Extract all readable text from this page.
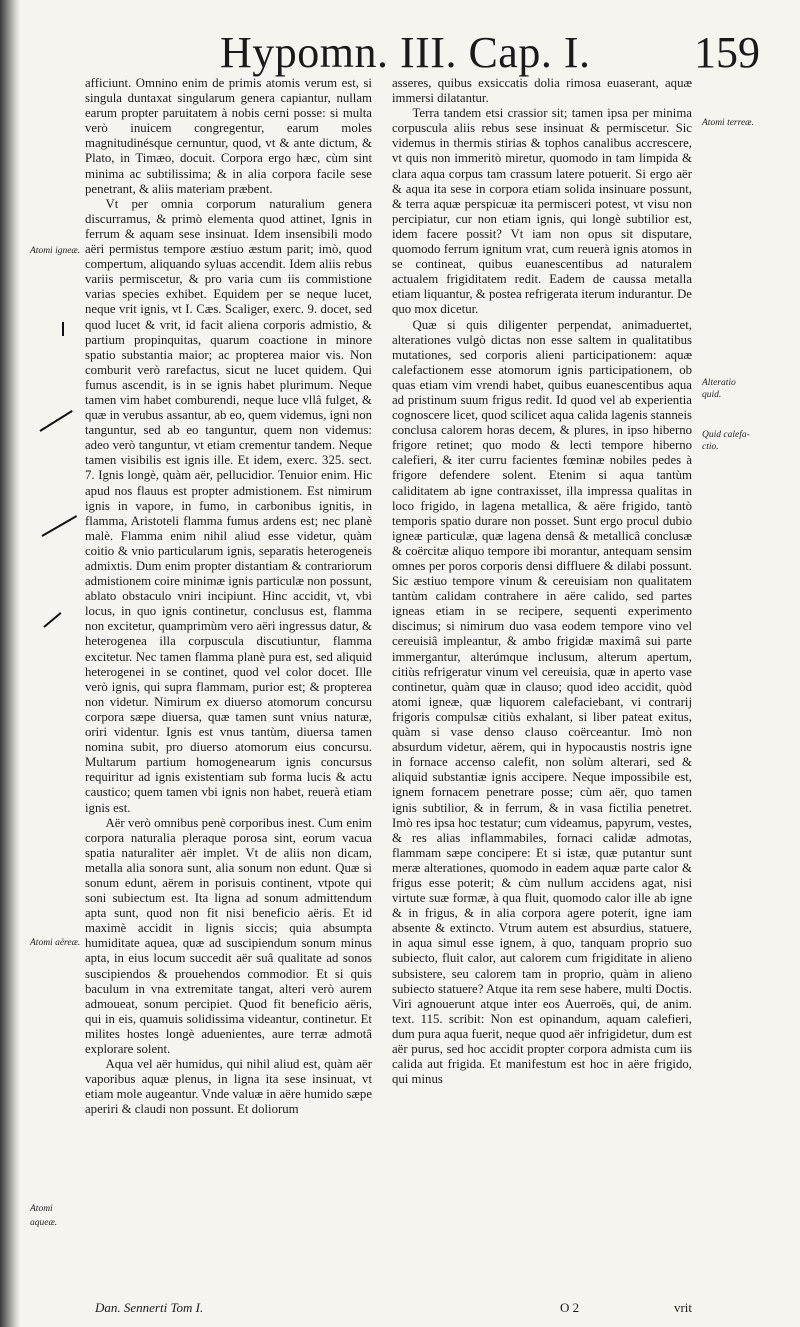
Hypomn. III. Cap. I. 159

afficiunt. Omnino enim de primis atomis verum est, si singula duntaxat singularum genera capiantur, nullam earum propter paruitatem à nobis cerni posse: si multa verò inuicem congregentur, earum moles magnitudinésque cernuntur, quod, vt & ante dictum, & Plato, in Timæo, docuit. Corpora ergo hæc, cùm sint minima ac subtilissima; & in alia corpora facile sese penetrant, & aliis materiam præbent.

Vt per omnia corporum naturalium genera discurramus, & primò elementa quod attinet, Ignis in ferrum & aquam sese insinuat. Idem insensibili modo aëri permistus tempore æstiuo æstum parit; imò, quod compertum, aliquando syluas accendit. Idem aliis rebus variis permiscetur, & pro varia cum iis commistione varias species exhibet. Equidem per se neque lucet, neque vrit ignis, vt I. Cæs. Scaliger, exerc. 9. docet, sed quod lucet & vrit, id facit aliena corporis admistio, & partium propinquitas, quarum coactione in minore spatio substantia maior; ac propterea maior vis. Non comburit verò rarefactus, sicut ne lucet quidem. Qui fumus ascendit, is in se ignis habet plurimum. Neque tamen vim habet comburendi, neque luce vllâ fulget, & quæ in verubus assantur, ab eo, quem videmus, igni non tanguntur, sed ab eo tanguntur, quem non videmus: adeo verò tanguntur, vt etiam crementur tandem. Neque tamen visibilis est ignis ille. Et idem, exerc. 325. sect. 7. Ignis longè, quàm aër, pellucidior. Tenuior enim. Hic apud nos flauus est propter admistionem. Est nimirum ignis in vapore, in fumo, in carbonibus ignitis, in flamma, Aristoteli flamma fumus ardens est; nec planè malè. Flamma enim nihil aliud esse videtur, quàm coitio & vnio particularum ignis, separatis heterogeneis admixtis. Dum enim propter distantiam & contrariorum admistionem coire minimæ ignis particulæ non possunt, ablato obstaculo vniri incipiunt. Hinc accidit, vt, vbi locus, in quo ignis continetur, conclusus est, flamma non excitetur, quamprimùm vero aëri ingressus datur, & heterogenea illa corpuscula discutiuntur, flamma excitetur. Nec tamen flamma planè pura est, sed aliquid heterogenei in se continet, quod vel color docet. Ille verò ignis, qui supra flammam, purior est; & propterea non videtur. Nimirum ex diuerso atomorum concursu corpora sæpe diuersa, quæ tamen sunt vnius naturæ, oriri videntur. Ignis est vnus tantùm, diuersa tamen nomina subit, pro diuerso atomorum eius concursu. Multarum partium homogenearum ignis concursus requiritur ad ignis existentiam sub forma lucis & actu caustico; quem tamen vbi ignis non habet, reuerà etiam ignis est.

Aër verò omnibus penè corporibus inest. Cum enim corpora naturalia pleraque porosa sint, eorum vacua spatia naturaliter aër implet. Vt de aliis non dicam, metalla alia sonora sunt, alia sonum non edunt. Quæ si sonum edunt, aërem in porisuis continent, vtpote qui soni subiectum est. Ita ligna ad sonum admittendum apta sunt, quod non fit nisi beneficio aëris. Et id maximè accidit in lignis siccis; quia absumpta humiditate aquea, quæ ad suscipiendum sonum minus apta, in eius locum succedit aër suâ qualitate ad sonos suscipiendos & prouehendos commodior. Et si quis baculum in vna extremitate tangat, alteri verò aurem admoueat, sonum percipiet. Quod fit beneficio aëris, qui in eis, quamuis solidissima videantur, continetur. Et milites hostes longè aduenientes, aure terræ admotâ explorare solent.

Aqua vel aër humidus, qui nihil aliud est, quàm aër vaporibus aquæ plenus, in ligna ita sese insinuat, vt etiam mole augeantur. Vnde valuæ in aëre humido sæpe aperiri & claudi non possunt. Et doliorum

asseres, quibus exsiccatis dolia rimosa euaserant, aquæ immersi dilatantur.

Terra tandem etsi crassior sit; tamen ipsa per minima corpuscula aliis rebus sese insinuat & permiscetur. Sic videmus in thermis stirias & tophos canalibus accrescere, vt quis non immeritò miretur, quomodo in tam limpida & clara aqua corpus tam crassum latere potuerit. Si ergo aër & aqua ita sese in corpora etiam solida insinuare possunt, & terra aquæ perspicuæ ita permisceri potest, vt visu non percipiatur, cur non etiam ignis, qui longè subtilior est, idem facere possit? Vt iam non opus sit disputare, quomodo ferrum ignitum vrat, cum reuerà ignis atomos in se contineat, quibus euanescentibus ad naturalem actualem frigiditatem redit. Eadem de caussa metalla etiam liquantur, & postea refrigerata iterum indurantur. De quo mox dicetur.

Quæ si quis diligenter perpendat, animaduertet, alterationes vulgò dictas non esse saltem in qualitatibus mutationes, sed corporis alieni participationem: aquæ calefactionem esse atomorum ignis participationem, ob quas etiam vim vrendi habet, quibus euanescentibus aqua ad pristinum suum frigus redit. Id quod vel ab experientia cognoscere licet, quod scilicet aqua calida lagenis stanneis conclusa calorem horas decem, & plures, in ipso hiberno frigore retinet; quo modo & lecti tempore hiberno calefieri, & iter curru facientes fœminæ nobiles pedes à frigore defendere solent. Etenim si aqua tantùm caliditatem ab igne contraxisset, illa impressa qualitas in loco frigido, in lagena metallica, & aëre frigido, tantò temporis spatio durare non posset. Sunt ergo procul dubio igneæ particulæ, quæ lagena densâ & metallicâ conclusæ & coërcitæ aliquo tempore ibi morantur, antequam sensim omnes per poros corporis densi diffluere & dilabi possunt. Sic æstiuo tempore vinum & cereuisiam non qualitatem tantùm calidam contrahere in aëre calido, sed partes igneas etiam in se recipere, sequenti experimento discimus; si nimirum duo vasa eodem tempore vino vel cereuisiâ impleantur, & ambo frigidæ maximâ sui parte immergantur, alterúmque inclusum, alterum apertum, citiùs refrigeratur vinum vel cereuisia, quæ in aperto vase continetur, quàm quæ in clauso; quod ideo accidit, quòd atomi igneæ, quæ liquorem calefaciebant, vi contrarij frigoris compulsæ citiùs exhalant, si liber pateat exitus, quàm si vase denso clauso coërceantur. Imò non absurdum videtur, aërem, qui in hypocaustis nostris igne in fornace accenso calefit, non solùm alterari, sed & aliquid substantiæ ignis accipere. Neque impossibile est, ignem fornacem penetrare posse; cùm aër, quo tamen ignis subtilior, & in ferrum, & in vasa fictilia penetret. Imò res ipsa hoc testatur; cum videamus, papyrum, vestes, & res alias inflammabiles, fornaci calidæ admotas, flammam sæpe concipere: Et si istæ, quæ putantur sunt meræ alterationes, quomodo in eadem aquæ parte calor & frigus esse poterit; & cùm nullum accidens agat, nisi virtute suæ formæ, à qua fluit, quomodo calor ille ab igne & in frigus, & in alia corpora agere poterit, igne iam absente & extincto. Vtrum autem est absurdius, statuere, in aqua simul esse ignem, à quo, tanquam proprio suo subiecto, fluit calor, aut calorem cum frigiditate in alieno subsistere, seu calorem tam in proprio, quàm in alieno subiecto statuere? Atque ita rem sese habere, multi Doctis. Viri agnouerunt atque inter eos Auerroës, qui, de anim. text. 115. scribit: Non est opinandum, aquam calefieri, dum pura aqua fuerit, neque quod aër infrigidetur, dum est aër purus, sed hoc accidit propter corpora admista cum iis calida aut frigida. Et manifestum est hoc in aëre frigido, qui minus

Atomi igneæ.
Atomi aëreæ.
Atomi
aqueæ.
Atomi terreæ.
Alteratio
quid.
Quid calefa-
ctio.
Dan. Sennerti Tom I.	O 2	vrit
